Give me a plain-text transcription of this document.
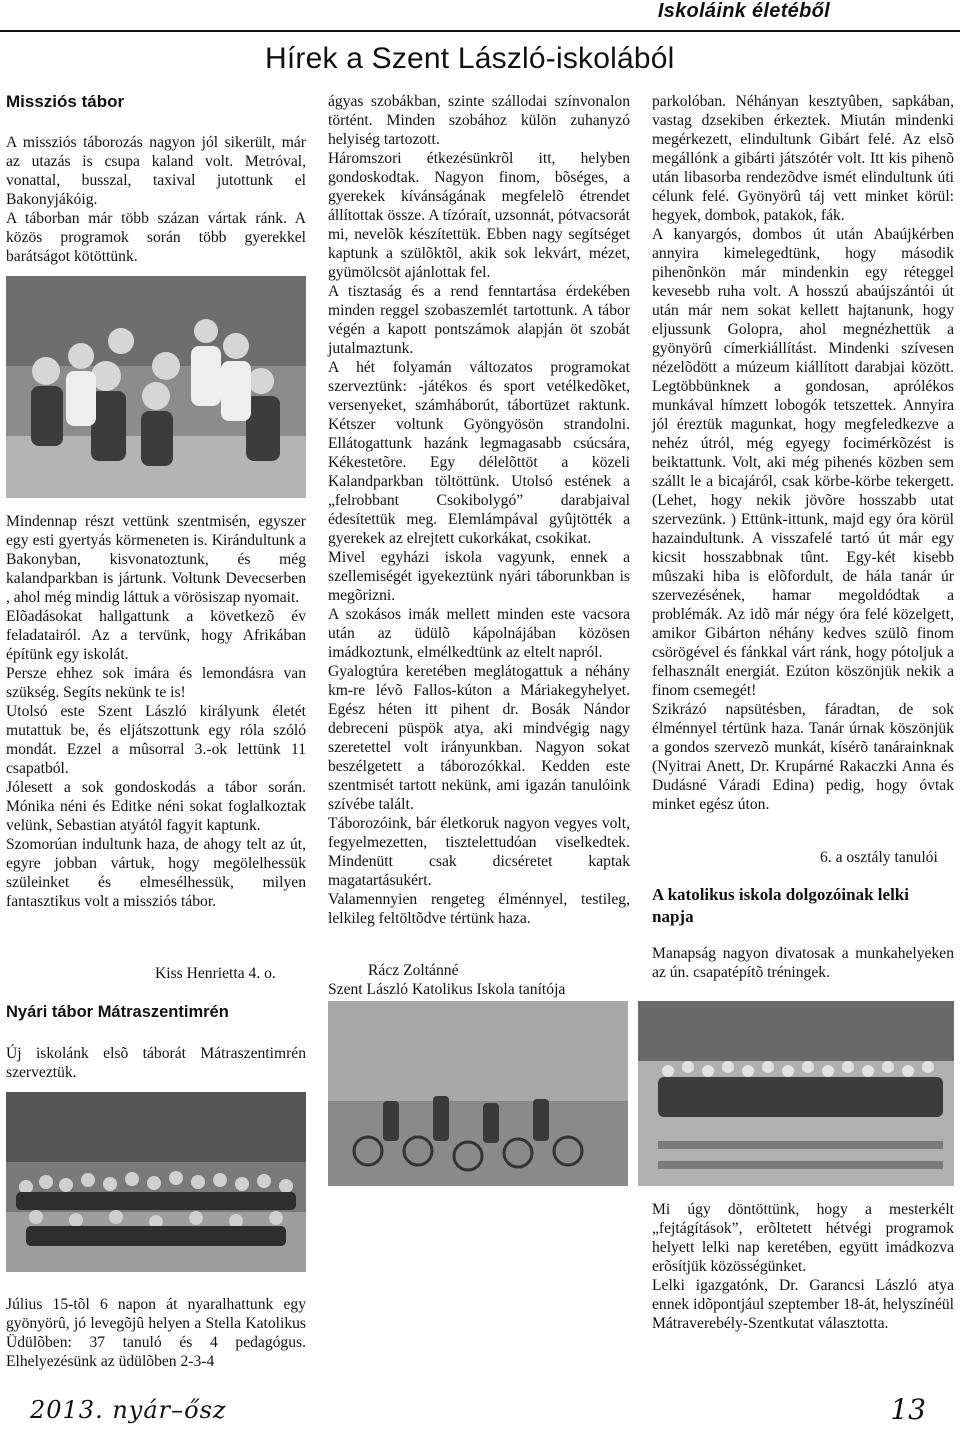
Iskoláink életéből
Hírek a Szent László-iskolából
Missziós tábor

A missziós táborozás nagyon jól sikerült, már az utazás is csupa kaland volt. Metróval, vonattal, busszal, taxival jutottunk el Bakonyjákóig.

A táborban már több százan vártak ránk. A közös programok során több gyerekkel barátságot kötöttünk.

Mindennap részt vettünk szentmisén, egyszer egy esti gyertyás körmeneten is. Kirándultunk a Bakonyban, kisvonatoztunk, és még kalandparkban is jártunk. Voltunk Devecserben , ahol még mindig láttuk a vörösiszap nyomait.

Elõadásokat hallgattunk a következõ év feladatairól. Az a tervünk, hogy Afrikában építünk egy iskolát.

Persze ehhez sok imára és lemondásra van szükség. Segíts nekünk te is!

Utolsó este Szent László királyunk életét mutattuk be, és eljátszottunk egy róla szóló mondát. Ezzel a mûsorral 3.-ok lettünk 11 csapatból.

Jólesett a sok gondoskodás a tábor során. Mónika néni és Editke néni sokat foglalkoztak velünk, Sebastian atyától fagyit kaptunk.

Szomorúan indultunk haza, de ahogy telt az út, egyre jobban vártuk, hogy megölelhessük szüleinket és elmesélhessük, milyen fantasztikus volt a missziós tábor.

Kiss Henrietta 4. o.
Nyári tábor Mátraszentimrén

Új iskolánk elsõ táborát Mátraszentimrén szerveztük.

Július 15-tõl 6 napon át nyaralhattunk egy gyönyörû, jó levegõjû helyen a Stella Katolikus Üdülõben: 37 tanuló és 4 pedagógus. Elhelyezésünk az üdülõben 2-3-4

ágyas szobákban, szinte szállodai színvonalon történt. Minden szobához külön zuhanyzó helyiség tartozott.

Háromszori étkezésünkrõl itt, helyben gondoskodtak. Nagyon finom, bõséges, a gyerekek kívánságának megfelelõ étrendet állítottak össze. A tízóraít, uzsonnát, pótvacsorát mi, nevelõk készítettük. Ebben nagy segítséget kaptunk a szülõktõl, akik sok lekvárt, mézet, gyümölcsöt ajánlottak fel.

A tisztaság és a rend fenntartása érdekében minden reggel szobaszemlét tartottunk. A tábor végén a kapott pontszámok alapján öt szobát jutalmaztunk.

A hét folyamán változatos programokat szerveztünk: -játékos és sport vetélkedõket, versenyeket, számháborút, tábortüzet raktunk. Kétszer voltunk Gyöngyösön strandolni. Ellátogattunk hazánk legmagasabb csúcsára, Kékestetõre. Egy délelõttöt a közeli Kalandparkban töltöttünk. Utolsó estének a „felrobbant Csokibolygó” darabjaival édesítettük meg. Elemlámpával gyûjtötték a gyerekek az elrejtett cukorkákat, csokikat.

Mivel egyházi iskola vagyunk, ennek a szellemiségét igyekeztünk nyári táborunkban is megõrizni.

A szokásos imák mellett minden este vacsora után az üdülõ kápolnájában közösen imádkoztunk, elmélkedtünk az eltelt napról.

Gyalogtúra keretében meglátogattuk a néhány km-re lévõ Fallos-kúton a Máriakegyhelyet. Egész héten itt pihent dr. Bosák Nándor debreceni püspök atya, aki mindvégig nagy szeretettel volt irányunkban. Nagyon sokat beszélgetett a táborozókkal. Kedden este szentmisét tartott nekünk, ami igazán tanulóink szívébe talált.

Táborozóink, bár életkoruk nagyon vegyes volt, fegyelmezetten, tisztelettudóan viselkedtek. Mindenütt csak dicséretet kaptak magatartásukért.

Valamennyien rengeteg élménnyel, testileg, lelkileg feltöltõdve tértünk haza.

Rácz Zoltánné
Szent László Katolikus Iskola tanítója

parkolóban. Néhányan kesztyûben, sapkában, vastag dzsekiben érkeztek. Miután mindenki megérkezett, elindultunk Gibárt felé. Az elsõ megállónk a gibárti játszótér volt. Itt kis pihenõ után libasorba rendezõdve ismét elindultunk úti célunk felé. Gyönyörû táj vett minket körül: hegyek, dombok, patakok, fák.

A kanyargós, dombos út után Abaújkérben annyira kimelegedtünk, hogy második pihenõnkön már mindenkin egy réteggel kevesebb ruha volt. A hosszú abaújszántói út után már nem sokat kellett hajtanunk, hogy eljussunk Golopra, ahol megnézhettük a gyönyörû címerkiállítást. Mindenki szívesen nézelõdött a múzeum kiállított darabjai között. Legtöbbünknek a gondosan, aprólékos munkával hímzett lobogók tetszettek. Annyira jól éreztük magunkat, hogy megfeledkezve a nehéz útról, még egyegy focimérkõzést is beiktattunk. Volt, aki még pihenés közben sem szállt le a bicajáról, csak körbe-körbe tekergett. (Lehet, hogy nekik jövõre hosszabb utat szervezünk. ) Ettünk-ittunk, majd egy óra körül hazaindultunk. A visszafelé tartó út már egy kicsit hosszabbnak tûnt. Egy-két kisebb mûszaki hiba is elõfordult, de hála tanár úr szervezésének, hamar megoldódtak a problémák. Az idõ már négy óra felé közelgett, amikor Gibárton néhány kedves szülõ finom csörögével és fánkkal várt ránk, hogy pótoljuk a felhasznált energiát. Ezúton köszönjük nekik a finom csemegét!

Szikrázó napsütésben, fáradtan, de sok élménnyel tértünk haza. Tanár úrnak köszönjük a gondos szervezõ munkát, kísérõ tanárainknak (Nyitrai Anett, Dr. Krupárné Rakaczki Anna és Dudásné Váradi Edina) pedig, hogy óvtak minket egész úton.

6. a osztály tanulói
A katolikus iskola dolgozóinak lelki napja

Manapság nagyon divatosak a munkahelyeken az ún. csapatépítõ tréningek.

Mi úgy döntöttünk, hogy a mesterkélt „fejtágítások”, erõltetett hétvégi programok helyett lelki nap keretében, együtt imádkozva erõsítjük közösségünket.

Lelki igazgatónk, Dr. Garancsi László atya ennek idõpontjául szeptember 18-át, helyszínéül Mátraverebély-Szentkutat választotta.

2013. nyár–ősz	13
